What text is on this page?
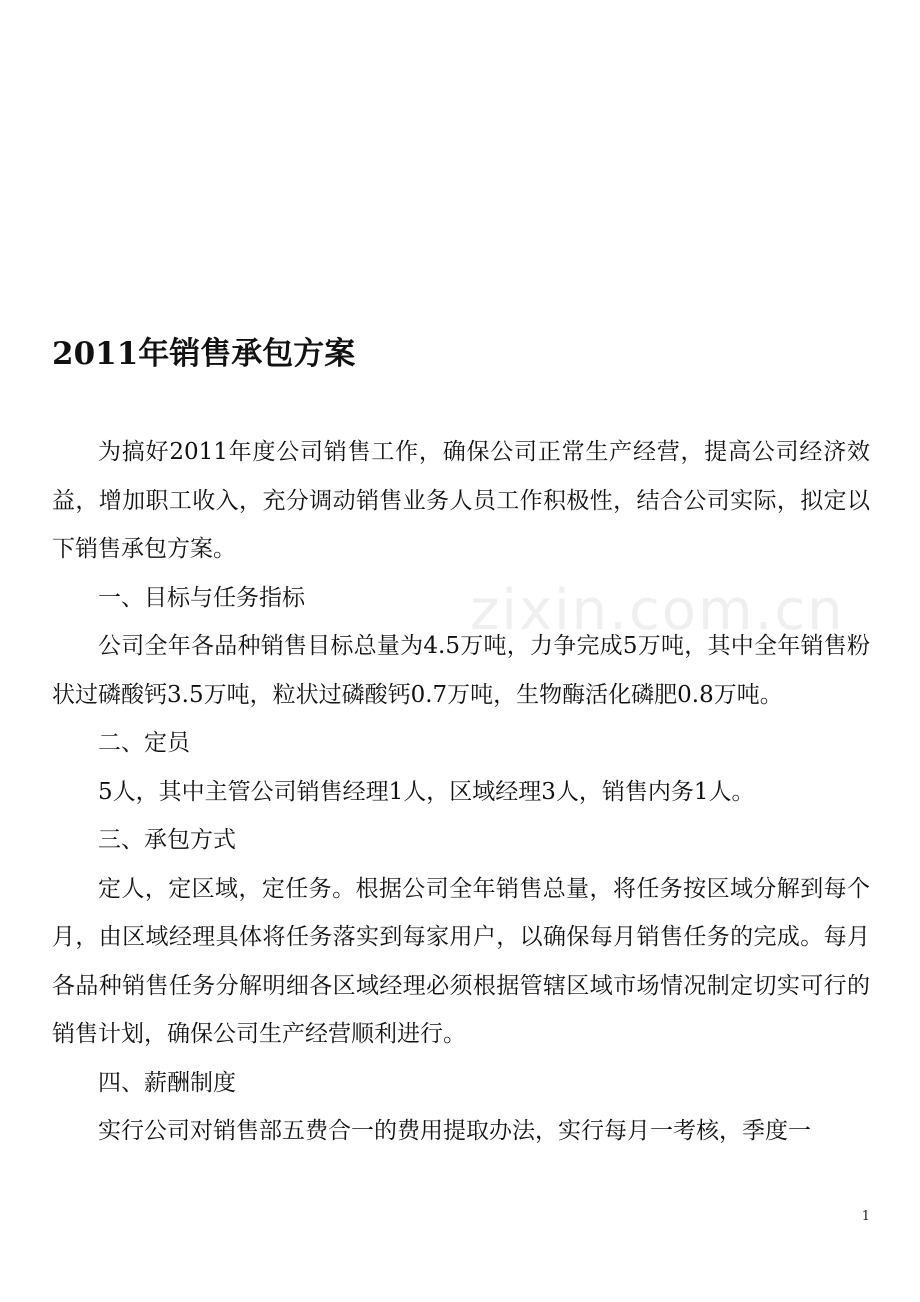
zixin.com.cn
2011年销售承包方案

为搞好2011年度公司销售工作，确保公司正常生产经营，提高公司经济效益，增加职工收入，充分调动销售业务人员工作积极性，结合公司实际，拟定以下销售承包方案。

一、目标与任务指标

公司全年各品种销售目标总量为4.5万吨，力争完成5万吨，其中全年销售粉状过磷酸钙3.5万吨，粒状过磷酸钙0.7万吨，生物酶活化磷肥0.8万吨。

二、定员

5人，其中主管公司销售经理1人，区域经理3人，销售内务1人。

三、承包方式

定人，定区域，定任务。根据公司全年销售总量，将任务按区域分解到每个月，由区域经理具体将任务落实到每家用户，以确保每月销售任务的完成。每月各品种销售任务分解明细各区域经理必须根据管辖区域市场情况制定切实可行的销售计划，确保公司生产经营顺利进行。

四、薪酬制度

实行公司对销售部五费合一的费用提取办法，实行每月一考核，季度一

1
